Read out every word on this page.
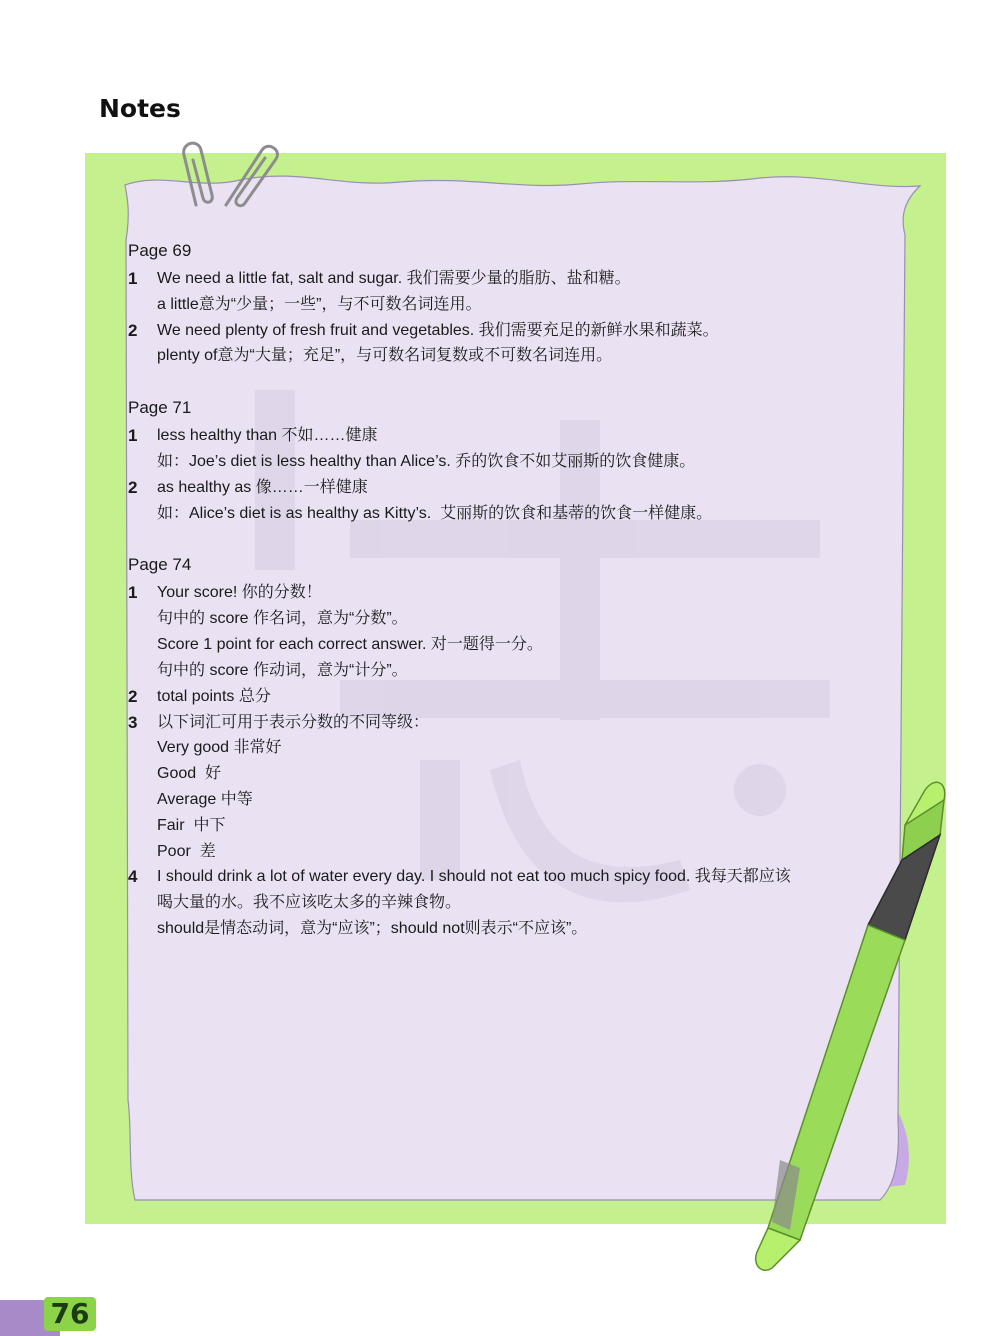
Notes
Page 69
1	We need a little fat, salt and sugar. 我们需要少量的脂肪、盐和糖。
a little意为“少量；一些”，与不可数名词连用。
2	We need plenty of fresh fruit and vegetables. 我们需要充足的新鲜水果和蔬菜。
plenty of意为“大量；充足”，与可数名词复数或不可数名词连用。
Page 71
1	less healthy than 不如……健康
如：Joe’s diet is less healthy than Alice’s. 乔的饮食不如艾丽斯的饮食健康。
2	as healthy as 像……一样健康
如：Alice’s diet is as healthy as Kitty’s.  艾丽斯的饮食和基蒂的饮食一样健康。
Page 74
1	Your score! 你的分数！
句中的 score 作名词，意为“分数”。
Score 1 point for each correct answer. 对一题得一分。
句中的 score 作动词，意为“计分”。
2	total points 总分
3	以下词汇可用于表示分数的不同等级：
Very good 非常好
Good  好
Average 中等
Fair  中下
Poor  差
4	I should drink a lot of water every day. I should not eat too much spicy food. 我每天都应该
喝大量的水。我不应该吃太多的辛辣食物。
should是情态动词，意为“应该”；should not则表示“不应该”。
76
